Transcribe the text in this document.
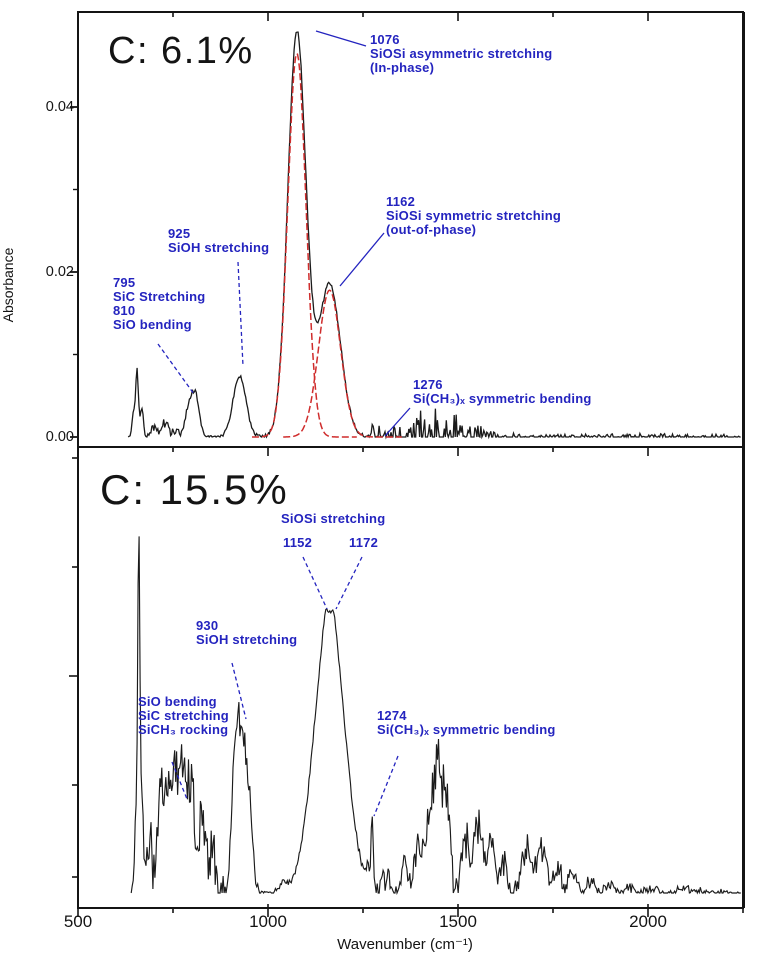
0.00
0.02
0.04
500	1000	1500	2000
1076
SiOSi asymmetric stretching
(In-phase)
1162
SiOSi symmetric stretching
(out-of-phase)
925
SiOH stretching
795
SiC Stretching
810
SiO bending
1276
Si(CH₃)ₓ symmetric bending
SiOSi stretching
1152	1172
930
SiOH stretching
SiO bending
SiC stretching
SiCH₃ rocking
1274
Si(CH₃)ₓ symmetric bending
C: 6.1%
C: 15.5%
Wavenumber (cm⁻¹)
Absorbance
